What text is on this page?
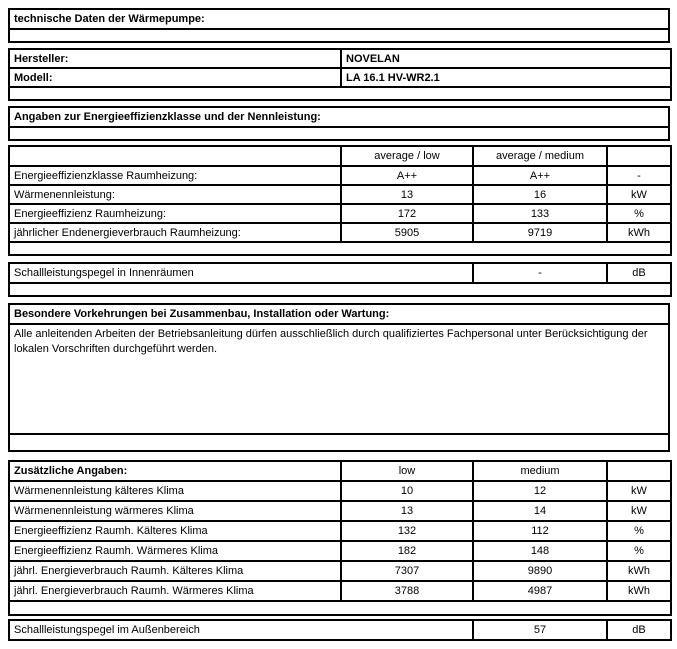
technische Daten der Wärmepumpe:

Hersteller:	NOVELAN
Modell:	LA 16.1 HV-WR2.1

Angaben zur Energieeffizienzklasse und der Nennleistung:

	average / low	average / medium	
Energieeffizienzklasse Raumheizung:	A++	A++	-
Wärmenennleistung:	13	16	kW
Energieeffizienz Raumheizung:	172	133	%
jährlicher Endenergieverbrauch Raumheizung:	5905	9719	kWh

Schallleistungspegel in Innenräumen	-	dB

Besondere Vorkehrungen bei Zusammenbau, Installation oder Wartung:
Alle anleitenden Arbeiten der Betriebsanleitung dürfen ausschließlich durch qualifiziertes Fachpersonal unter Berücksichtigung der lokalen Vorschriften durchgeführt werden.

Zusätzliche Angaben:	low	medium	
Wärmenennleistung kälteres Klima	10	12	kW
Wärmenennleistung wärmeres Klima	13	14	kW
Energieeffizienz Raumh. Kälteres Klima	132	112	%
Energieeffizienz Raumh. Wärmeres Klima	182	148	%
jährl. Energieverbrauch Raumh. Kälteres Klima	7307	9890	kWh
jährl. Energieverbrauch Raumh. Wärmeres Klima	3788	4987	kWh

Schallleistungspegel im Außenbereich	57	dB
